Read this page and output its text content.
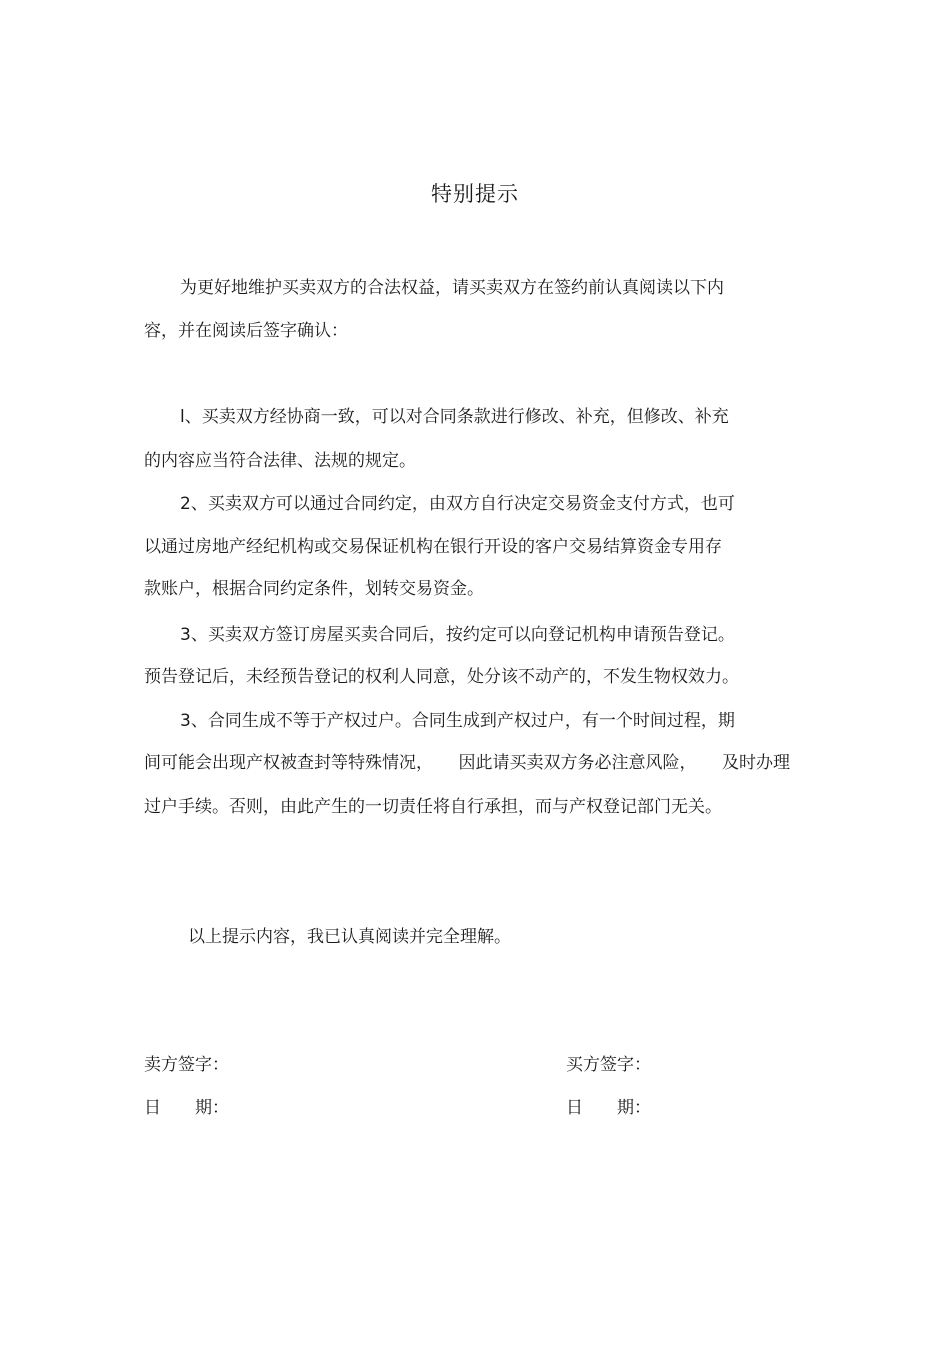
特别提示
为更好地维护买卖双方的合法权益，请买卖双方在签约前认真阅读以下内
容，并在阅读后签字确认：
l、买卖双方经协商一致，可以对合同条款进行修改、补充，但修改、补充
的内容应当符合法律、法规的规定。
2、买卖双方可以通过合同约定，由双方自行决定交易资金支付方式，也可
以通过房地产经纪机构或交易保证机构在银行开设的客户交易结算资金专用存
款账户，根据合同约定条件，划转交易资金。
3、买卖双方签订房屋买卖合同后，按约定可以向登记机构申请预告登记。
预告登记后，未经预告登记的权利人同意，处分该不动产的，不发生物权效力。
3、合同生成不等于产权过户。合同生成到产权过户，有一个时间过程，期
间可能会出现产权被查封等特殊情况，　　因此请买卖双方务必注意风险，　　及时办理
过户手续。否则，由此产生的一切责任将自行承担，而与产权登记部门无关。
以上提示内容，我已认真阅读并完全理解。
卖方签字：	买方签字：
日　　期：	日　　期：
